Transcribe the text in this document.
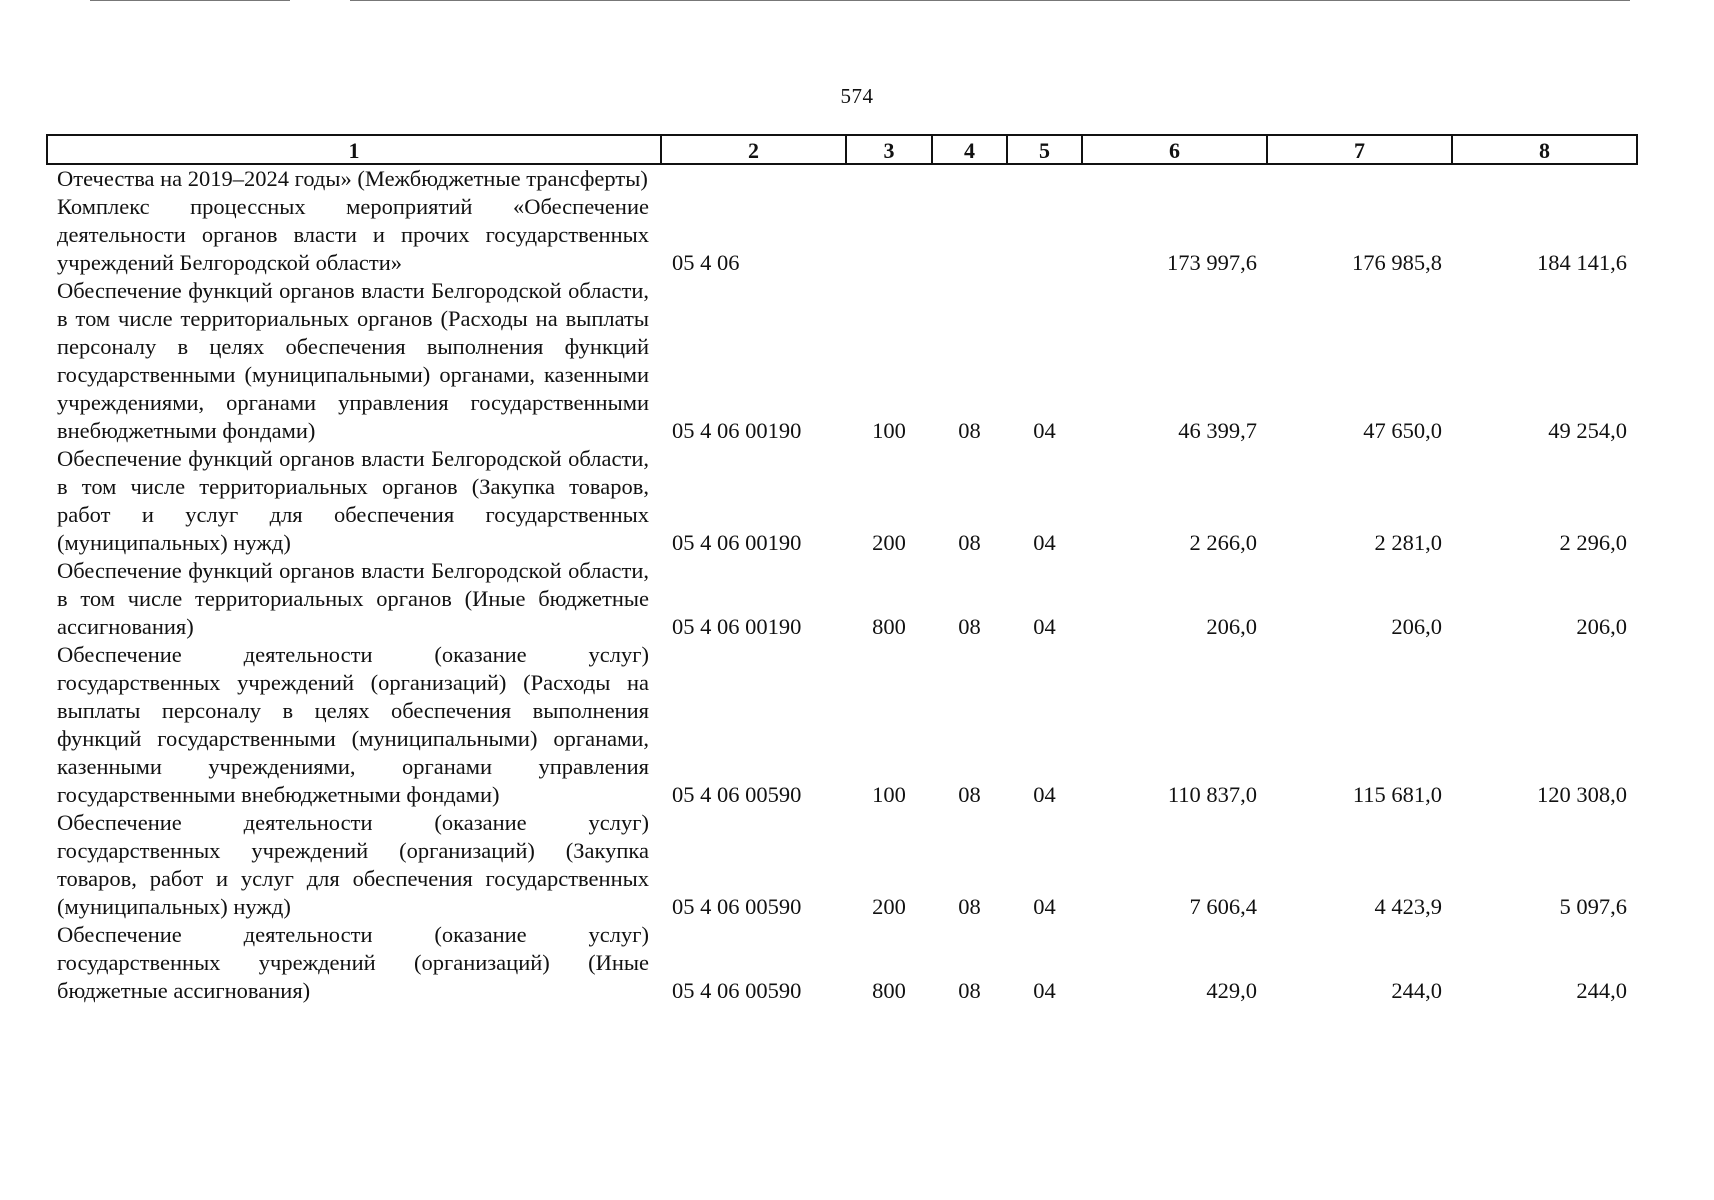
574
1	2	3	4	5	6	7	8
Отечества на 2019–2024 годы» (Межбюджетные трансферты)							
Комплекс процессных мероприятий «Обеспечение деятельности органов власти и прочих государственных учреждений Белгородской области»	05 4 06				173 997,6	176 985,8	184 141,6
Обеспечение функций органов власти Белгородской области, в том числе территориальных органов (Расходы на выплаты персоналу в целях обеспечения выполнения функций государственными (муниципальными) органами, казенными учреждениями, органами управления государственными внебюджетными фондами)	05 4 06 00190	100	08	04	46 399,7	47 650,0	49 254,0
Обеспечение функций органов власти Белгородской области, в том числе территориальных органов (Закупка товаров, работ и услуг для обеспечения государственных (муниципальных) нужд)	05 4 06 00190	200	08	04	2 266,0	2 281,0	2 296,0
Обеспечение функций органов власти Белгородской области, в том числе территориальных органов (Иные бюджетные ассигнования)	05 4 06 00190	800	08	04	206,0	206,0	206,0
Обеспечение деятельности (оказание услуг) государственных учреждений (организаций) (Расходы на выплаты персоналу в целях обеспечения выполнения функций государственными (муниципальными) органами, казенными учреждениями, органами управления государственными внебюджетными фондами)	05 4 06 00590	100	08	04	110 837,0	115 681,0	120 308,0
Обеспечение деятельности (оказание услуг) государственных учреждений (организаций) (Закупка товаров, работ и услуг для обеспечения государственных (муниципальных) нужд)	05 4 06 00590	200	08	04	7 606,4	4 423,9	5 097,6
Обеспечение деятельности (оказание услуг) государственных учреждений (организаций) (Иные бюджетные ассигнования)	05 4 06 00590	800	08	04	429,0	244,0	244,0
